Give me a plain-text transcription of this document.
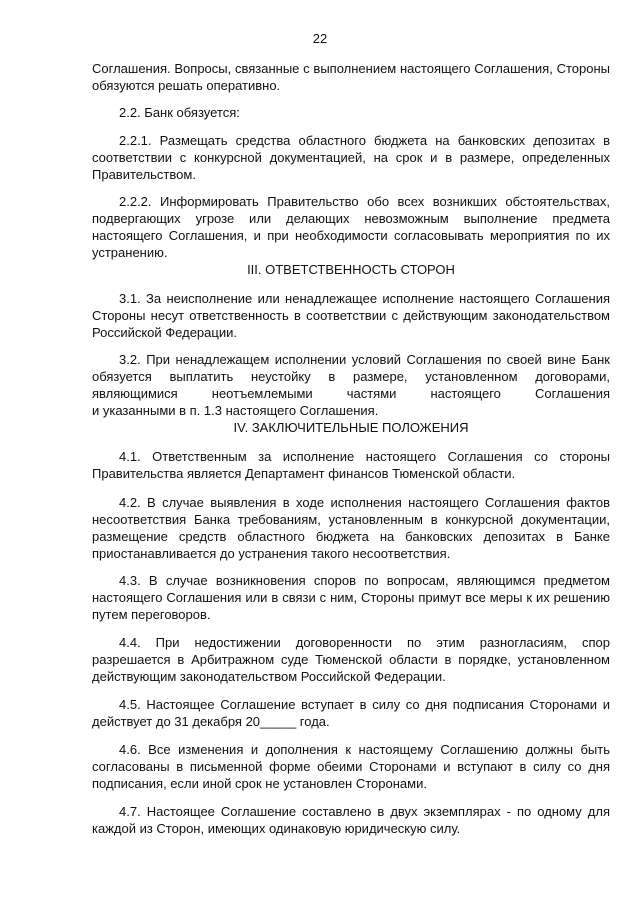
22

Соглашения. Вопросы, связанные с выполнением настоящего Соглашения, Стороны обязуются решать оперативно.

2.2. Банк обязуется:

2.2.1. Размещать средства областного бюджета на банковских депозитах в соответствии с конкурсной документацией, на срок и в размере, определенных Правительством.

2.2.2. Информировать Правительство обо всех возникших обстоятельствах, подвергающих угрозе или делающих невозможным выполнение предмета настоящего Соглашения, и при необходимости согласовывать мероприятия по их устранению.

III. ОТВЕТСТВЕННОСТЬ СТОРОН

3.1. За неисполнение или ненадлежащее исполнение настоящего Соглашения Стороны несут ответственность в соответствии с действующим законодательством Российской Федерации.

3.2. При ненадлежащем исполнении условий Соглашения по своей вине Банк обязуется выплатить неустойку в размере, установленном договорами, являющимися неотъемлемыми частями настоящего Соглашения

и указанными в п. 1.3 настоящего Соглашения.

IV. ЗАКЛЮЧИТЕЛЬНЫЕ ПОЛОЖЕНИЯ

4.1. Ответственным за исполнение настоящего Соглашения со стороны Правительства является Департамент финансов Тюменской области.

4.2. В случае выявления в ходе исполнения настоящего Соглашения фактов несоответствия Банка требованиям, установленным в конкурсной документации, размещение средств областного бюджета на банковских депозитах в Банке приостанавливается до устранения такого несоответствия.

4.3. В случае возникновения споров по вопросам, являющимся предметом настоящего Соглашения или в связи с ним, Стороны примут все меры к их решению путем переговоров.

4.4. При недостижении договоренности по этим разногласиям, спор разрешается в Арбитражном суде Тюменской области в порядке, установленном действующим законодательством Российской Федерации.

4.5. Настоящее Соглашение вступает в силу со дня подписания Сторонами и действует до 31 декабря 20_____ года.

4.6. Все изменения и дополнения к настоящему Соглашению должны быть согласованы в письменной форме обеими Сторонами и вступают в силу со дня подписания, если иной срок не установлен Сторонами.

4.7. Настоящее Соглашение составлено в двух экземплярах - по одному для каждой из Сторон, имеющих одинаковую юридическую силу.
